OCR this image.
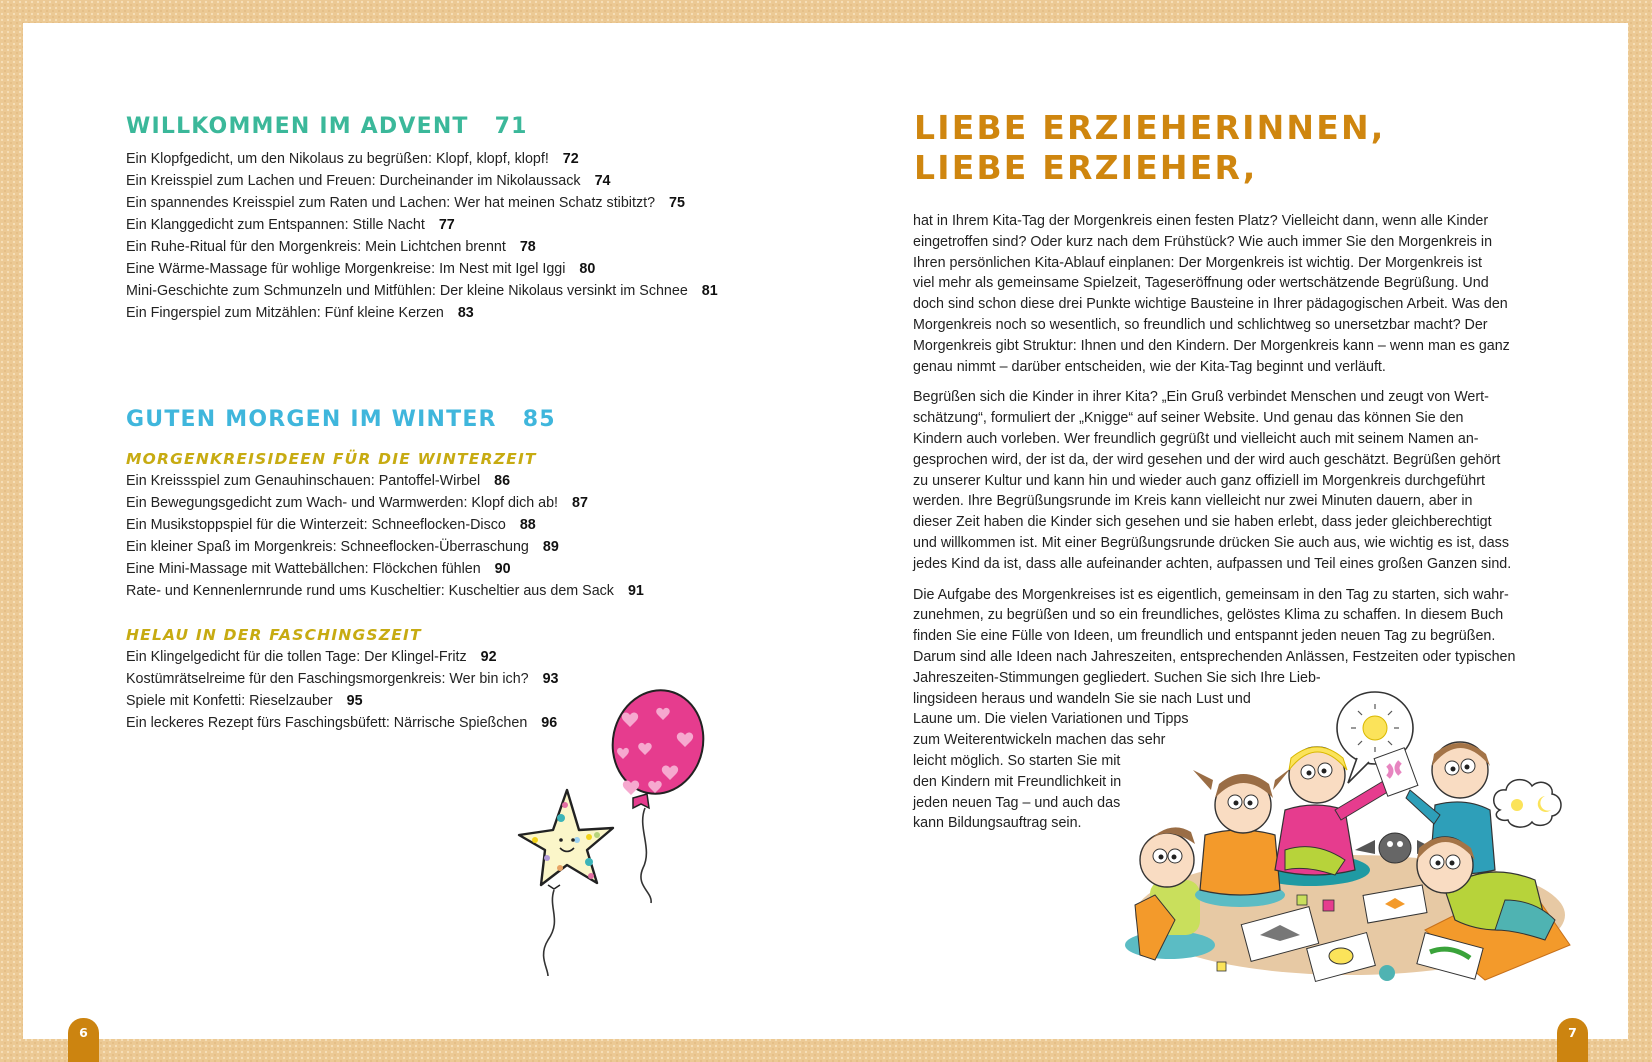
WILLKOMMEN IM ADVENT 71
Ein Klopfgedicht, um den Nikolaus zu begrüßen: Klopf, klopf, klopf! 72
Ein Kreisspiel zum Lachen und Freuen: Durcheinander im Nikolaussack 74
Ein spannendes Kreisspiel zum Raten und Lachen: Wer hat meinen Schatz stibitzt? 75
Ein Klanggedicht zum Entspannen: Stille Nacht 77
Ein Ruhe-Ritual für den Morgenkreis: Mein Lichtchen brennt 78
Eine Wärme-Massage für wohlige Morgenkreise: Im Nest mit Igel Iggi 80
Mini-Geschichte zum Schmunzeln und Mitfühlen: Der kleine Nikolaus versinkt im Schnee 81
Ein Fingerspiel zum Mitzählen: Fünf kleine Kerzen 83
GUTEN MORGEN IM WINTER 85
MORGENKREISIDEEN FÜR DIE WINTERZEIT
Ein Kreissspiel zum Genauhinschauen: Pantoffel-Wirbel 86
Ein Bewegungsgedicht zum Wach- und Warmwerden: Klopf dich ab! 87
Ein Musikstoppspiel für die Winterzeit: Schneeflocken-Disco 88
Ein kleiner Spaß im Morgenkreis: Schneeflocken-Überraschung 89
Eine Mini-Massage mit Wattebällchen: Flöckchen fühlen 90
Rate- und Kennenlernrunde rund ums Kuscheltier: Kuscheltier aus dem Sack 91
HELAU IN DER FASCHINGSZEIT
Ein Klingelgedicht für die tollen Tage: Der Klingel-Fritz 92
Kostümrätselreime für den Faschingsmorgenkreis: Wer bin ich? 93
Spiele mit Konfetti: Rieselzauber 95
Ein leckeres Rezept fürs Faschingsbüfett: Närrische Spießchen 96
6
LIEBE ERZIEHERINNEN,
LIEBE ERZIEHER,

hat in Ihrem Kita-Tag der Morgenkreis einen festen Platz? Vielleicht dann, wenn alle Kinder
eingetroffen sind? Oder kurz nach dem Frühstück? Wie auch immer Sie den Morgenkreis in
Ihren persönlichen Kita-Ablauf einplanen: Der Morgenkreis ist wichtig. Der Morgenkreis ist
viel mehr als gemeinsame Spielzeit, Tageseröffnung oder wertschätzende Begrüßung. Und
doch sind schon diese drei Punkte wichtige Bausteine in Ihrer pädagogischen Arbeit. Was den
Morgenkreis noch so wesentlich, so freundlich und schlichtweg so unersetzbar macht? Der
Morgenkreis gibt Struktur: Ihnen und den Kindern. Der Morgenkreis kann – wenn man es ganz
genau nimmt – darüber entscheiden, wie der Kita-Tag beginnt und verläuft.

Begrüßen sich die Kinder in ihrer Kita? „Ein Gruß verbindet Menschen und zeugt von Wert-
schätzung“, formuliert der „Knigge“ auf seiner Website. Und genau das können Sie den
Kindern auch vorleben. Wer freundlich gegrüßt und vielleicht auch mit seinem Namen an-
gesprochen wird, der ist da, der wird gesehen und der wird auch geschätzt. Begrüßen gehört
zu unserer Kultur und kann hin und wieder auch ganz offiziell im Morgenkreis durchgeführt
werden. Ihre Begrüßungsrunde im Kreis kann vielleicht nur zwei Minuten dauern, aber in
dieser Zeit haben die Kinder sich gesehen und sie haben erlebt, dass jeder gleichberechtigt
und willkommen ist. Mit einer Begrüßungsrunde drücken Sie auch aus, wie wichtig es ist, dass
jedes Kind da ist, dass alle aufeinander achten, aufpassen und Teil eines großen Ganzen sind.

Die Aufgabe des Morgenkreises ist es eigentlich, gemeinsam in den Tag zu starten, sich wahr-
zunehmen, zu begrüßen und so ein freundliches, gelöstes Klima zu schaffen. In diesem Buch
finden Sie eine Fülle von Ideen, um freundlich und entspannt jeden neuen Tag zu begrüßen.
Darum sind alle Ideen nach Jahreszeiten, entsprechenden Anlässen, Festzeiten oder typischen
Jahreszeiten-Stimmungen gegliedert. Suchen Sie sich Ihre Lieb-
lingsideen heraus und wandeln Sie sie nach Lust und
Laune um. Die vielen Variationen und Tipps
zum Weiterentwickeln machen das sehr
leicht möglich. So starten Sie mit
den Kindern mit Freundlichkeit in
jeden neuen Tag – und auch das
kann Bildungsauftrag sein.

7
